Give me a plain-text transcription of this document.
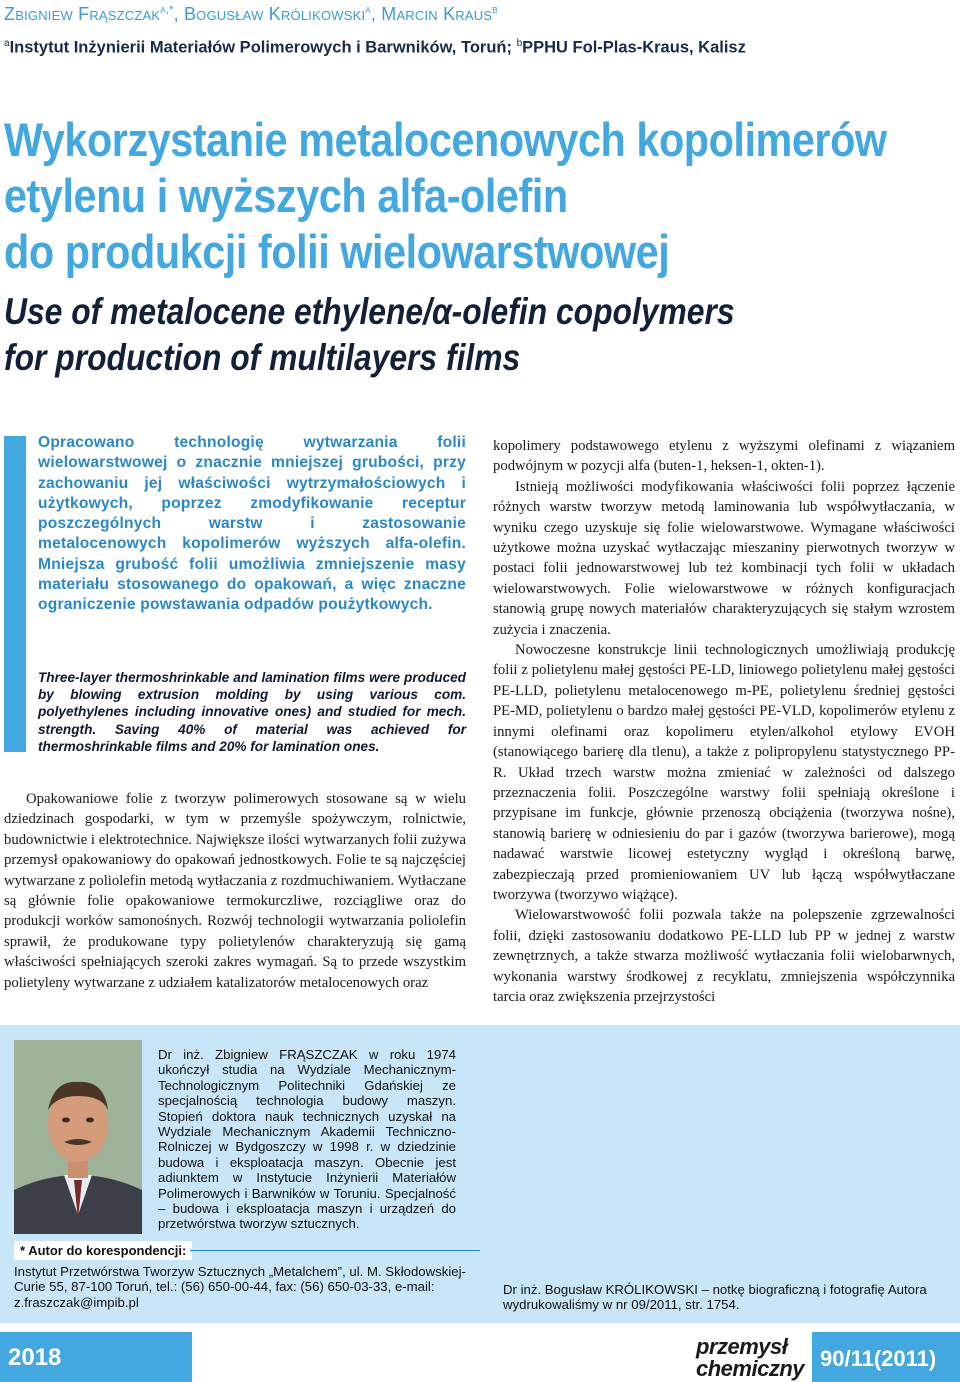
Zbigniew Frąszczak$^{a,*}$, Bogusław Królikowski$^a$, Marcin Kraus$^b$
$^a$Instytut Inżynierii Materiałów Polimerowych i Barwników, Toruń; $^b$PPHU Fol-Plas-Kraus, Kalisz
Wykorzystanie metalocenowych kopolimerów
etylenu i wyższych alfa-olefin
do produkcji folii wielowarstwowej
Use of metalocene ethylene/α-olefin copolymers
for production of multilayers films
Opracowano technologię wytwarzania folii wielowarstwowej o znacznie mniejszej grubości, przy zachowaniu jej właściwości wytrzymałościowych i użytkowych, poprzez zmodyfikowanie receptur poszczególnych warstw i zastosowanie metalocenowych kopolimerów wyższych alfa-olefin. Mniejsza grubość folii umożliwia zmniejszenie masy materiału stosowanego do opakowań, a więc znaczne ograniczenie powstawania odpadów poużytkowych.
Three-layer thermoshrinkable and lamination films were produced by blowing extrusion molding by using various com. polyethylenes including innovative ones) and studied for mech. strength. Saving 40% of material was achieved for thermoshrinkable films and 20% for lamination ones.

Opakowaniowe folie z tworzyw polimerowych stosowane są w wielu dziedzinach gospodarki, w tym w przemyśle spożywczym, rolnictwie, budownictwie i elektrotechnice. Największe ilości wytwarzanych folii zużywa przemysł opakowaniowy do opakowań jednostkowych. Folie te są najczęściej wytwarzane z poliolefin metodą wytłaczania z rozdmuchiwaniem. Wytłaczane są głównie folie opakowaniowe termokurczliwe, rozciągliwe oraz do produkcji worków samonośnych. Rozwój technologii wytwarzania poliolefin sprawił, że produkowane typy polietylenów charakteryzują się gamą właściwości spełniających szeroki zakres wymagań. Są to przede wszystkim polietyleny wytwarzane z udziałem katalizatorów metalocenowych oraz

kopolimery podstawowego etylenu z wyższymi olefinami z wiązaniem podwójnym w pozycji alfa (buten-1, heksen-1, okten-1).

Istnieją możliwości modyfikowania właściwości folii poprzez łączenie różnych warstw tworzyw metodą laminowania lub współwytłaczania, w wyniku czego uzyskuje się folie wielowarstwowe. Wymagane właściwości użytkowe można uzyskać wytłaczając mieszaniny pierwotnych tworzyw w postaci folii jednowarstwowej lub też kombinacji tych folii w układach wielowarstwowych. Folie wielowarstwowe w różnych konfiguracjach stanowią grupę nowych materiałów charakteryzujących się stałym wzrostem zużycia i znaczenia.

Nowoczesne konstrukcje linii technologicznych umożliwiają produkcję folii z polietylenu małej gęstości PE-LD, liniowego polietylenu małej gęstości PE-LLD, polietylenu metalocenowego m-PE, polietylenu średniej gęstości PE-MD, polietylenu o bardzo małej gęstości PE-VLD, kopolimerów etylenu z innymi olefinami oraz kopolimeru etylen/alkohol etylowy EVOH (stanowiącego barierę dla tlenu), a także z polipropylenu statystycznego PP-R. Układ trzech warstw można zmieniać w zależności od dalszego przeznaczenia folii. Poszczególne warstwy folii spełniają określone i przypisane im funkcje, głównie przenoszą obciążenia (tworzywa nośne), stanowią barierę w odniesieniu do par i gazów (tworzywa barierowe), mogą nadawać warstwie licowej estetyczny wygląd i określoną barwę, zabezpieczają przed promieniowaniem UV lub łączą współwytłaczane tworzywa (tworzywo wiążące).

Wielowarstwowość folii pozwala także na polepszenie zgrzewalności folii, dzięki zastosowaniu dodatkowo PE-LLD lub PP w jednej z warstw zewnętrznych, a także stwarza możliwość wytłaczania folii wielobarwnych, wykonania warstwy środkowej z recyklatu, zmniejszenia współczynnika tarcia oraz zwiększenia przejrzystości

Dr inż. Zbigniew FRĄSZCZAK w roku 1974 ukończył studia na Wydziale Mechanicznym-Technologicznym Politechniki Gdańskiej ze specjalnością technologia budowy maszyn. Stopień doktora nauk technicznych uzyskał na Wydziale Mechanicznym Akademii Techniczno-Rolniczej w Bydgoszczy w 1998 r. w dziedzinie budowa i eksploatacja maszyn. Obecnie jest adiunktem w Instytucie Inżynierii Materiałów Polimerowych i Barwników w Toruniu. Specjalność – budowa i eksploatacja maszyn i urządzeń do przetwórstwa tworzyw sztucznych.
* Autor do korespondencji:
Instytut Przetwórstwa Tworzyw Sztucznych „Metalchem”, ul. M. Skłodowskiej-Curie 55, 87-100 Toruń, tel.: (56) 650-00-44, fax: (56) 650-03-33, e-mail: z.fraszczak@impib.pl
Dr inż. Bogusław KRÓLIKOWSKI – notkę biograficzną i fotografię Autora wydrukowaliśmy w nr 09/2011, str. 1754.
2018	przemysł
chemiczny 90/11(2011)
